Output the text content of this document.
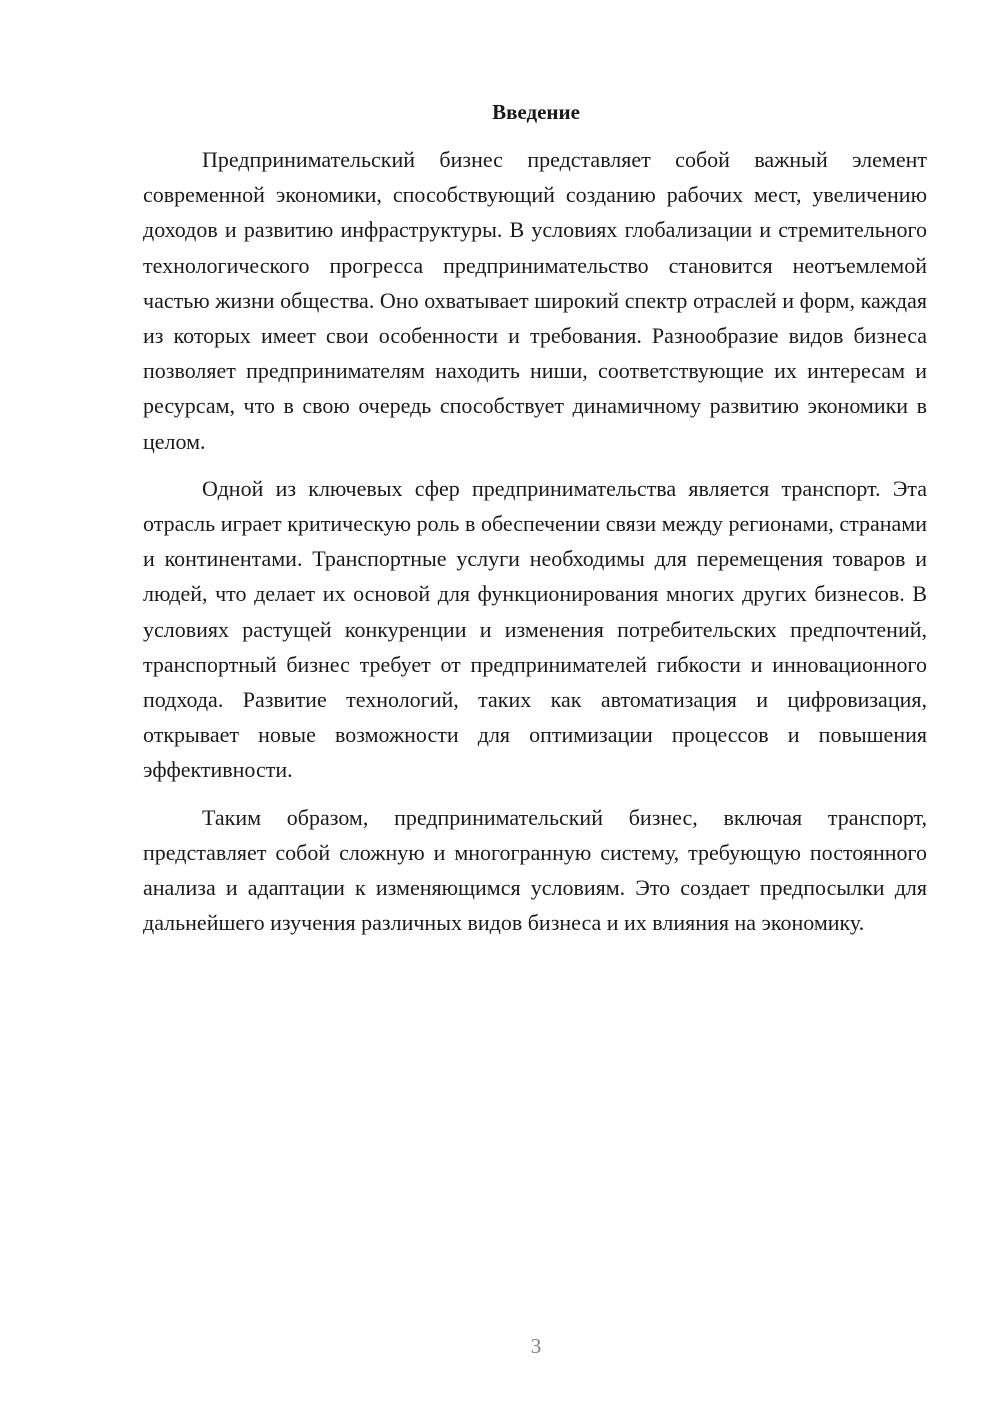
Введение

Предпринимательский бизнес представляет собой важный элемент современной экономики, способствующий созданию рабочих мест, увеличению доходов и развитию инфраструктуры. В условиях глобализации и стремительного технологического прогресса предпринимательство становится неотъемлемой частью жизни общества. Оно охватывает широкий спектр отраслей и форм, каждая из которых имеет свои особенности и требования. Разнообразие видов бизнеса позволяет предпринимателям находить ниши, соответствующие их интересам и ресурсам, что в свою очередь способствует динамичному развитию экономики в целом.

Одной из ключевых сфер предпринимательства является транспорт. Эта отрасль играет критическую роль в обеспечении связи между регионами, странами и континентами. Транспортные услуги необходимы для перемещения товаров и людей, что делает их основой для функционирования многих других бизнесов. В условиях растущей конкуренции и изменения потребительских предпочтений, транспортный бизнес требует от предпринимателей гибкости и инновационного подхода. Развитие технологий, таких как автоматизация и цифровизация, открывает новые возможности для оптимизации процессов и повышения эффективности.

Таким образом, предпринимательский бизнес, включая транспорт, представляет собой сложную и многогранную систему, требующую постоянного анализа и адаптации к изменяющимся условиям. Это создает предпосылки для дальнейшего изучения различных видов бизнеса и их влияния на экономику.

3
